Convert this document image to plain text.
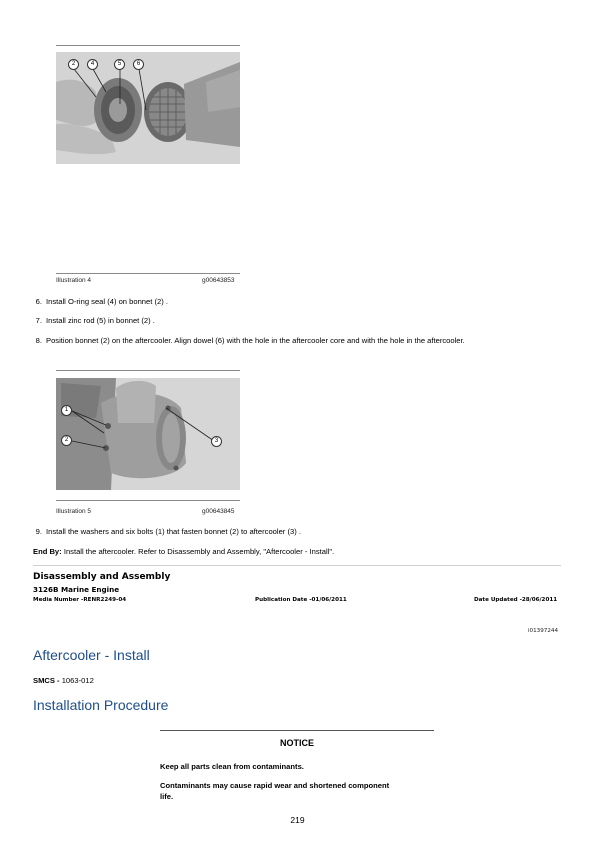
2	4	5	6
Illustration 4	g00643853
6. Install O-ring seal (4) on bonnet (2) .
7. Install zinc rod (5) in bonnet (2) .
8. Position bonnet (2) on the aftercooler. Align dowel (6) with the hole in the aftercooler core and with the hole in the aftercooler.
1
2	3
Illustration 5	g00643845
9. Install the washers and six bolts (1) that fasten bonnet (2) to aftercooler (3) .
End By: Install the aftercooler. Refer to Disassembly and Assembly, "Aftercooler - Install".
Disassembly and Assembly
3126B Marine Engine
Media Number -RENR2249-04	Publication Date -01/06/2011	Date Updated -28/06/2011
i01397244
Aftercooler - Install
SMCS - 1063-012
Installation Procedure
NOTICE
Keep all parts clean from contaminants.
Contaminants may cause rapid wear and shortened component
life.
219
